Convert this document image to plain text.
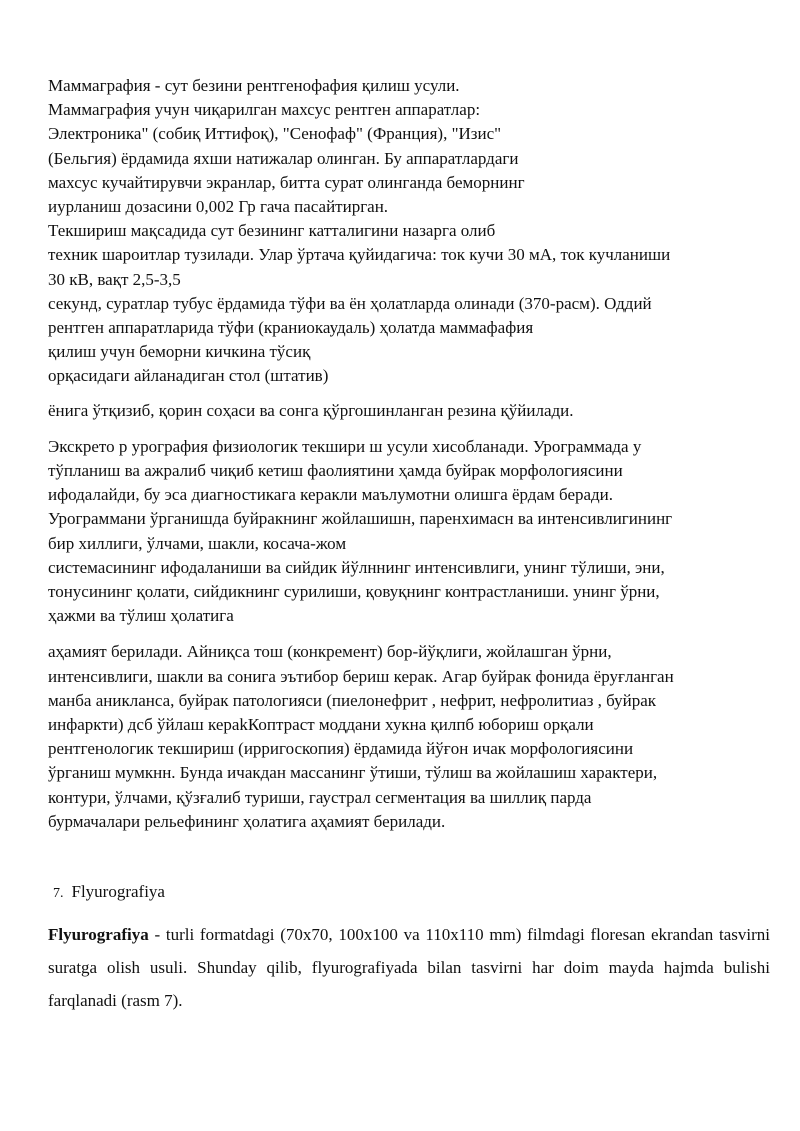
Маммаграфия - сут безини рентгенофафия қилиш усули.
Маммаграфия учун чиқарилган махсус рентген аппаратлар:
Электроника" (собиқ Иттифоқ), "Сенофаф" (Франция), "Изис"
(Бельгия) ёрдамида яхши натижалар олинган. Бу аппаратлардаги
махсус кучайтирувчи экранлар, битта сурат олинганда беморнинг
иурланиш дозасини 0,002 Гр гача пасайтирган.
Текшириш мақсадида сут безининг катталигини назарга олиб
техник шароитлар тузилади. Улар ўртача қуйидагича: ток кучи 30 мА, ток кучланиши
30 кВ, вақт 2,5-3,5
секунд, суратлар тубус ёрдамида тўфи ва ён ҳолатларда олинади (370-расм). Оддий
рентген аппаратларида тўфи (краниокаудаль) ҳолатда маммафафия
қилиш учун беморни кичкина тўсиқ
орқасидаги айланадиган стол (штатив)
ёнига ўтқизиб, қорин соҳаси ва сонга қўргошинланган резина қўйилади.
Экскрето р урография физиологик текшири ш усули хисобланади. Урограммада у
тўпланиш ва ажралиб чиқиб кетиш фаолиятини ҳамда буйрак морфологиясини
ифодалайди, бу эса диагностикага керакли маълумотни олишга ёрдам беради.
Урограммани ўрганишда буйракнинг жойлашишн, паренхимасн ва интенсивлигининг
бир хиллиги, ўлчами, шакли, косача-жом
системасининг ифодаланиши ва сийдик йўлннинг интенсивлиги, унинг тўлиши, эни,
тонусининг қолати, сийдикнинг сурилиши, қовуқнинг контрастланиши. унинг ўрни,
ҳажми ва тўлиш ҳолатига
аҳамият берилади. Айниқса тош (конкремент) бор-йўқлиги, жойлашган ўрни,
интенсивлиги, шакли ва сонига эътибор бериш керак. Агар буйрак фонида ёруғланган
манба аникланса, буйрак патологияси (пиелонефрит , нефрит, нефролитиаз , буйрак
инфаркти) дсб ўйлаш кераkКоптраст моддани хукна қилпб юбориш орқали
рентгенологик текшириш (ирригоскопия) ёрдамида йўғон ичак морфологиясини
ўрганиш мумкнн. Бунда ичакдан массанинг ўтиши, тўлиш ва жойлашиш характери,
контури, ўлчами, қўзғалиб туриши, гаустрал сегментация ва шиллиқ парда
бурмачалари рельефининг ҳолатига аҳамият берилади.
7. Flyurografiya
Flyurografiya - turli formatdagi (70x70, 100x100 va 110x110 mm) filmdagi floresan ekrandan tasvirni suratga olish usuli. Shunday qilib, flyurografiyada bilan tasvirni har doim mayda hajmda bulishi farqlanadi (rasm 7).
